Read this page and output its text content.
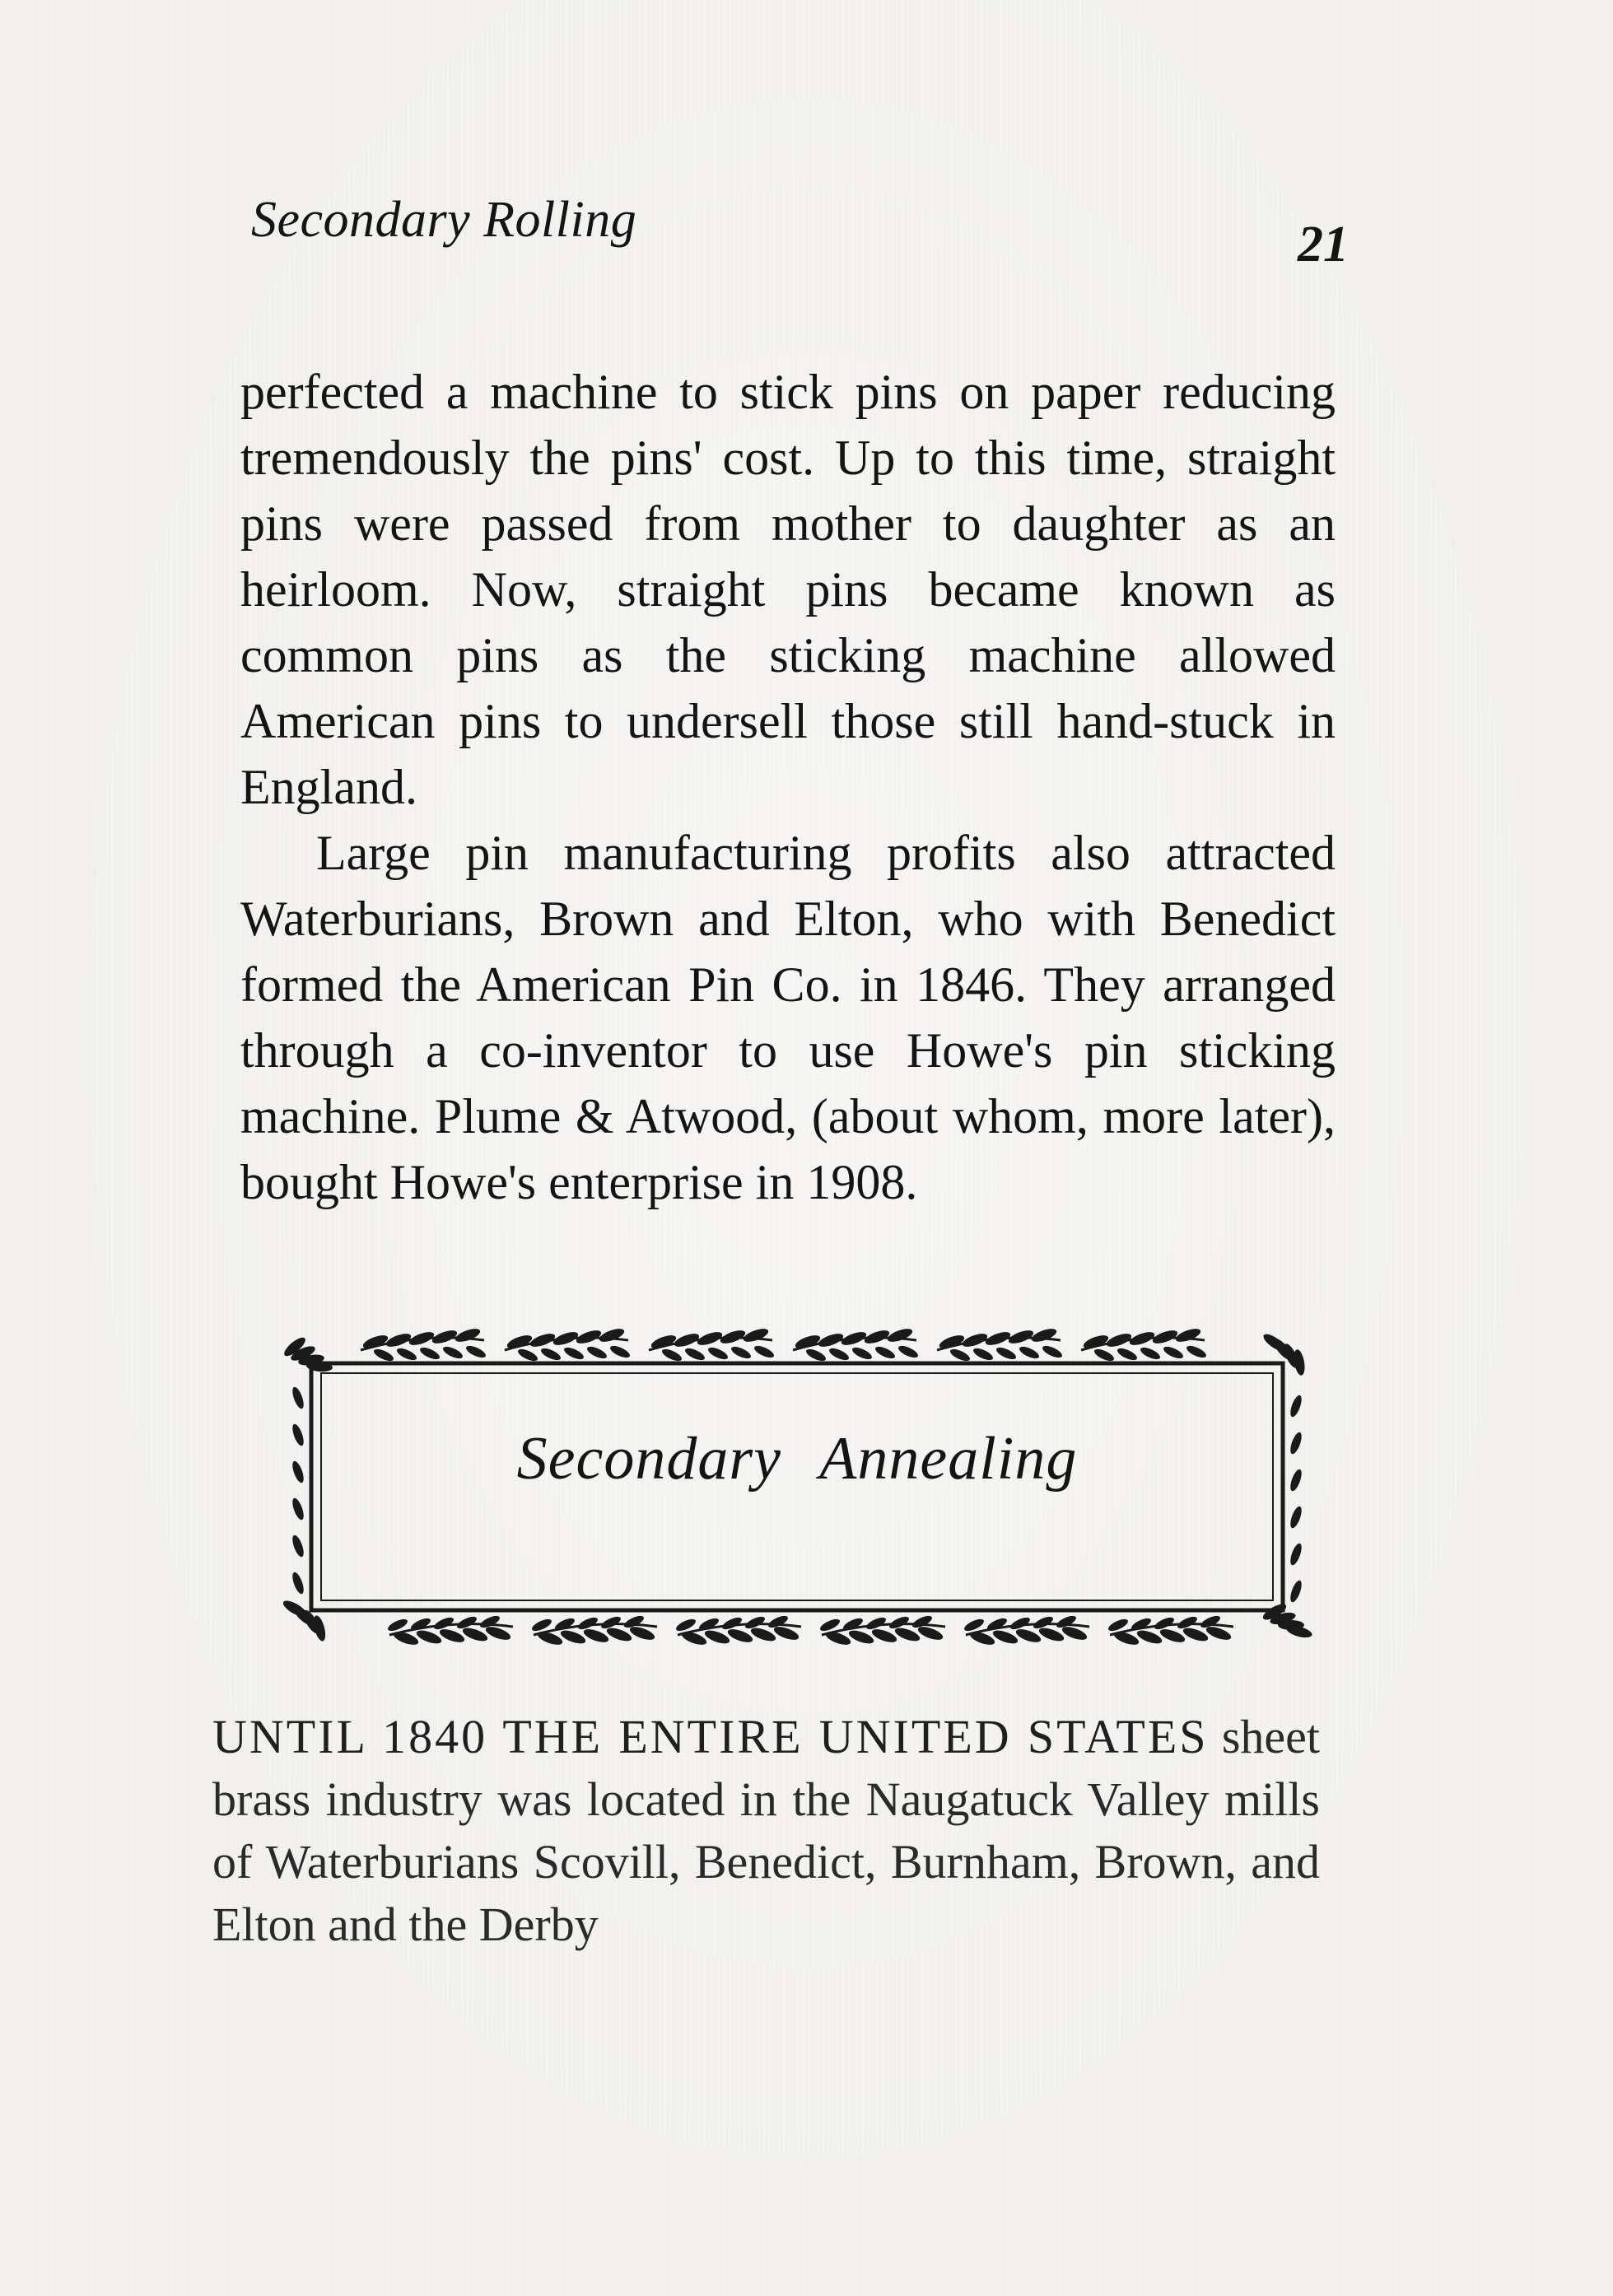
Secondary Rolling	21

perfected a machine to stick pins on paper reducing tremendously the pins' cost. Up to this time, straight pins were passed from mother to daughter as an heirloom. Now, straight pins became known as common pins as the sticking machine allowed American pins to undersell those still hand-stuck in England.

Large pin manufacturing profits also attracted Waterburians, Brown and Elton, who with Benedict formed the American Pin Co. in 1846. They arranged through a co-inventor to use Howe's pin sticking machine. Plume & Atwood, (about whom, more later), bought Howe's enterprise in 1908.

Secondary Annealing

UNTIL 1840 THE ENTIRE UNITED STATES sheet brass industry was located in the Naugatuck Valley mills of Waterburians Scovill, Benedict, Burnham, Brown, and Elton and the Derby
